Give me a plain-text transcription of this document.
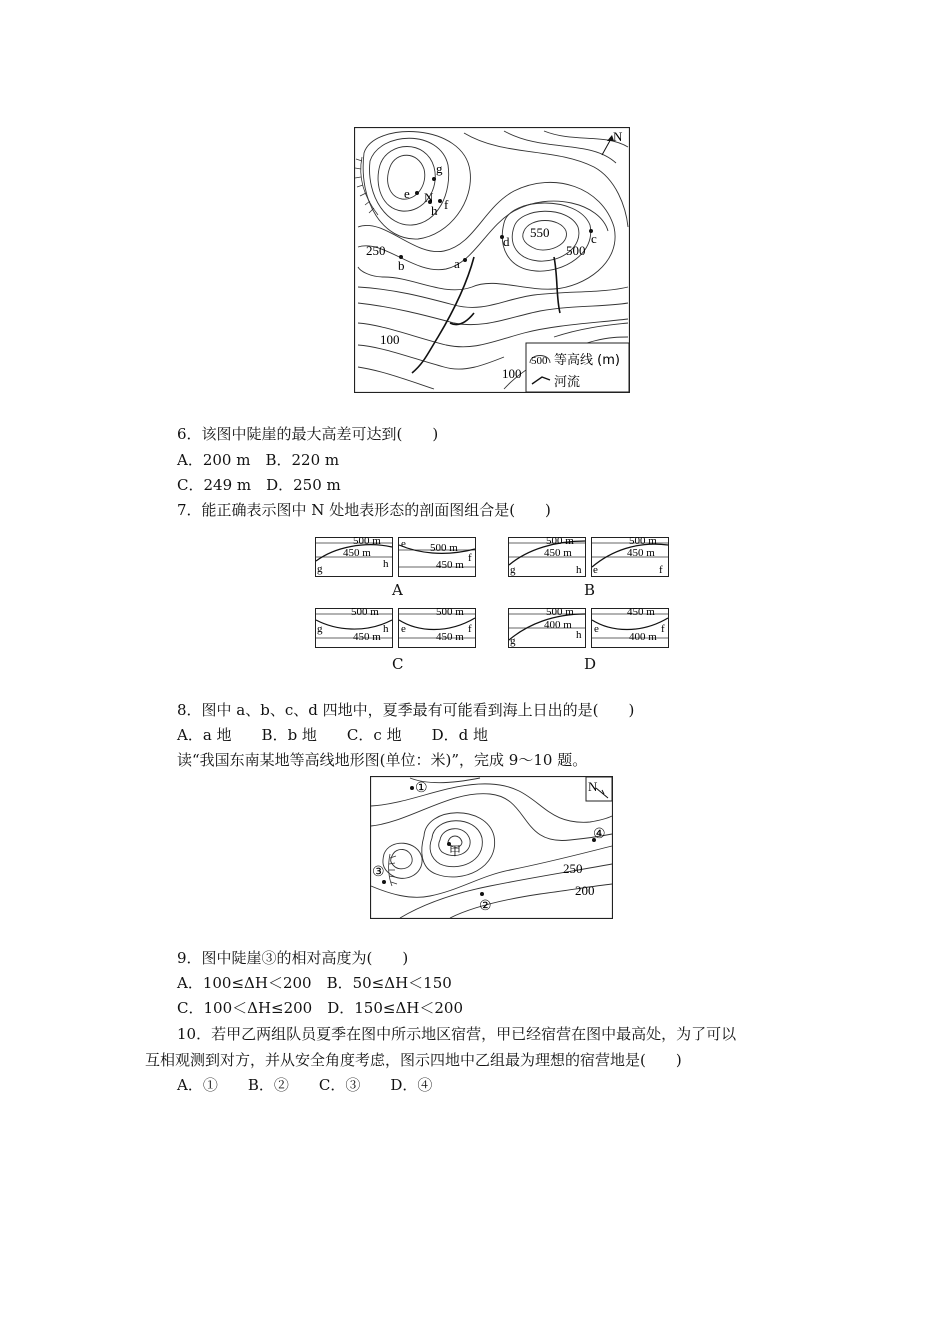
N
g
e N
h f
d	c
b	a
250
550
500
100
100
500 等高线 (m)
河流
6．该图中陡崖的最大高差可达到(　　)
A．200 m　B．220 m
C．249 m　D．250 m
7．能正确表示图中 N 处地表形态的剖面图组合是(　　)
500 m
450 m
g	h
500 m
450 m
e
f
A
500 m
450 m
g	h
500 m
450 m
e	f
B
500 m
450 m
g	h
500 m
450 m
e	f
C
500 m
400 m
g	h
450 m
400 m
e	f
D
8．图中 a、b、c、d 四地中，夏季最有可能看到海上日出的是(　　)
A．a 地　　B．b 地　　C．c 地　　D．d 地
读“我国东南某地等高线地形图(单位：米)”，完成 9～10 题。
N
①
②
③
④
甲
250
200
9．图中陡崖③的相对高度为(　　)
A．100≤ΔH＜200　B．50≤ΔH＜150
C．100＜ΔH≤200　D．150≤ΔH＜200
10．若甲乙两组队员夏季在图中所示地区宿营，甲已经宿营在图中最高处，为了可以
互相观测到对方，并从安全角度考虑，图示四地中乙组最为理想的宿营地是(　　)
A．①　　B．②　　C．③　　D．④
